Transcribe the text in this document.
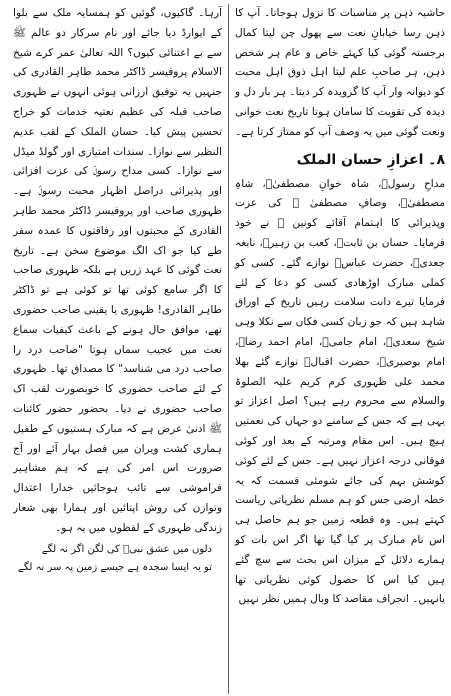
حاشیہ ذہن پر مناسبات کا نزول ہوجاتا۔ آپ کا ذہن رسا خیابانِ نعت سے پھول چن لیتا کمال برجستہ گوئی کیا کہئے خاص و عام ہر شخص ذہن، ہر صاحبِ علم لیتا اہل ذوق اہل محبت کو دیوانہ وار آپ کا گرویدہ کر دیتا۔ ہر بار دل و دیدہ کی تقویت کا سامان ہوتا تاریخ نعت خوانی ونعت گوئی میں یہ وصف آپ کو ممتاز کرتا ہے۔

۸۔ اعزازِ حسان الملک

مداحِ رسولؐ، شاہ خوانِ مصطفیٰؐ، شاہِ مصطفیٰؐ، وصافِ مصطفیٰ ﷺ کی عزت وپذیرائی کا اہتمام آقائے کونین ﷺ نے خود فرمایا۔ حسان بن ثابتؓ، کعب بن زہیرؓ، نابغہ جعدیؓ، حضرت عباسؓ نوازے گئے۔ کسی کو کملی مبارک اوڑھادی کسی کو دعا کے لئے فرمایا تیرے دانت سلامت رہیں تاریخ کے اوراق شاہد ہیں کہ جو زبان کسی فکاں سے نکلا وہی شیخ سعدیؒ، امام جامیؒ، امام احمد رضاؒ، امام بوصیریؒ، حضرت اقبالؒ نوازے گئے بھلا محمد علی ظہوری کرم کریم علیہ الصلوۃ والسلام سے محروم رہے ہیں؟ اصل اعزاز تو یہی ہے کہ جس کے سامنے دو جہاں کی نعمتیں ہیچ ہیں۔ اس مقام ومرتبہ کے بعد اور کوئی فوقانی درجہ اعزاز نہیں ہے۔ جس کے لئے کوئی کوشش بہم کی جائے شومئی قسمت کہ یہ خطہ ارضی جس کو ہم مسلم نظریاتی ریاست کہتے ہیں۔ وہ قطعہ زمین جو ہم حاصل ہی اس نام مبارک پر کیا گیا تھا اگر اس بات کو ہمارے دلائل کے میزان اس بحث سے سچ گئے ہیں کیا اس کا حصول کوئی نظریاتی تھا یانہیں۔ انحراف مقاصد کا وبال ہمیں نظر نہیں

آرہا۔ گاکیوں، گوئیں کو ہمسایہ ملک سے بلوا کے ایوارڈ دیا جائے اور نام سرکار دو عالم ﷺ سے بے اعتنائی کیوں؟ اللہ تعالیٰ عمر کرے شیخ الاسلام پروفیسر ڈاکٹر محمد طاہر القادری کی جنہیں یہ توفیق ارزانی ہوئی انہوں نے ظہوری صاحب قبلہ کی عظیم نعتیہ خدمات کو خراج تحسین پیش کیا۔ حسان الملک کے لقب عدیم النظیر سے نوازا۔ سندات امتیازی اور گولڈ میڈل سے نوازا۔ کسی مداح رسولؐ کی عزت افزائی اور پذیرائی دراصل اظہار محبت رسولؐ ہے۔ ظہوری صاحب اور پروفیسر ڈاکٹر محمد طاہر القادری کے محبتوں اور رفاقتوں کا عمدہ سفر طے کیا جو اک الگ موضوع سخن ہے۔ تاریخ نعت گوئی کا عہد زریں ہے بلکہ ظہوری صاحب کا اگر سامع کوئی تھا تو کوئی ہے تو ڈاکٹر طاہر القادری! ظہوری یا یقینی صاحب حضوری تھے، موافق حال ہونے کے باعث کیفیات سماع نعت میں عجیب سماں ہوتا "صاحب درد را صاحب درد می شناسد" کا مصداق تھا۔ ظہوری کے لئے صاحب حضوری کا خوبصورت لقب اک صاحب حضوری نے دیا۔ بحضور حضور کائنات ﷺ ادنیٰ عرض ہے کہ مبارک ہستیوں کے طفیل ہماری کشت ویران میں فصل بہار آئے اور آج ضرورت اس امر کی ہے کہ ہم مشاہیر فراموشی سے تائب ہوجائیں خدارا اعتدال وتوازن کی روش اپنائیں اور ہمارا بھی شعار زندگی ظہوری کے لفظوں میں یہ ہو۔

دلوں میں عشق نبیؐ کی لگن اگر نہ لگے
تو یہ ایسا سجدہ ہے جیسے زمین پہ سر نہ لگے
